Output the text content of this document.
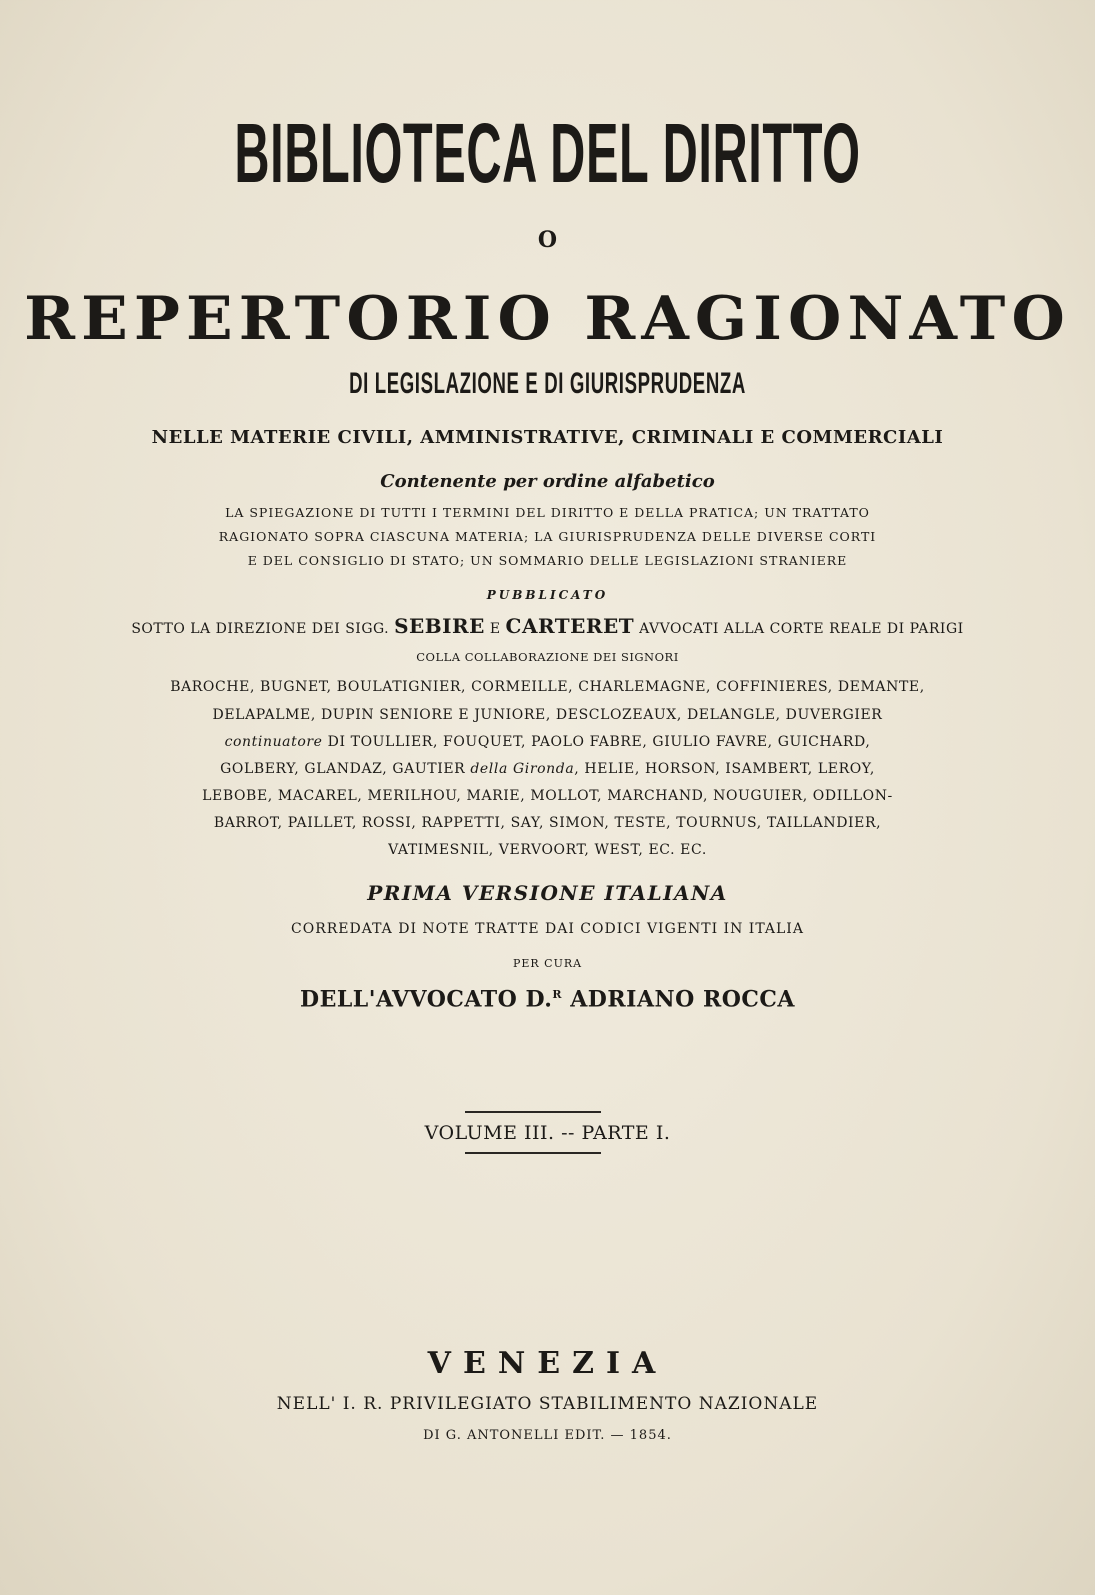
BIBLIOTECA DEL DIRITTO
O
REPERTORIO RAGIONATO
DI LEGISLAZIONE E DI GIURISPRUDENZA
NELLE MATERIE CIVILI, AMMINISTRATIVE, CRIMINALI E COMMERCIALI
Contenente per ordine alfabetico
LA SPIEGAZIONE DI TUTTI I TERMINI DEL DIRITTO E DELLA PRATICA; UN TRATTATO
RAGIONATO SOPRA CIASCUNA MATERIA; LA GIURISPRUDENZA DELLE DIVERSE CORTI
E DEL CONSIGLIO DI STATO; UN SOMMARIO DELLE LEGISLAZIONI STRANIERE
PUBBLICATO
SOTTO LA DIREZIONE DEI SIGG. SEBIRE E CARTERET AVVOCATI ALLA CORTE REALE DI PARIGI
COLLA COLLABORAZIONE DEI SIGNORI
BAROCHE, BUGNET, BOULATIGNIER, CORMEILLE, CHARLEMAGNE, COFFINIERES, DEMANTE,
DELAPALME, DUPIN SENIORE E JUNIORE, DESCLOZEAUX, DELANGLE, DUVERGIER
continuatore DI TOULLIER, FOUQUET, PAOLO FABRE, GIULIO FAVRE, GUICHARD,
GOLBERY, GLANDAZ, GAUTIER della Gironda, HELIE, HORSON, ISAMBERT, LEROY,
LEBOBE, MACAREL, MERILHOU, MARIE, MOLLOT, MARCHAND, NOUGUIER, ODILLON-
BARROT, PAILLET, ROSSI, RAPPETTI, SAY, SIMON, TESTE, TOURNUS, TAILLANDIER,
VATIMESNIL, VERVOORT, WEST, EC. EC.
PRIMA VERSIONE ITALIANA
CORREDATA DI NOTE TRATTE DAI CODICI VIGENTI IN ITALIA
PER CURA
DELL'AVVOCATO D.$^R$ ADRIANO ROCCA
VOLUME III. -- PARTE I.
VENEZIA
NELL' I. R. PRIVILEGIATO STABILIMENTO NAZIONALE
DI G. ANTONELLI EDIT. — 1854.
